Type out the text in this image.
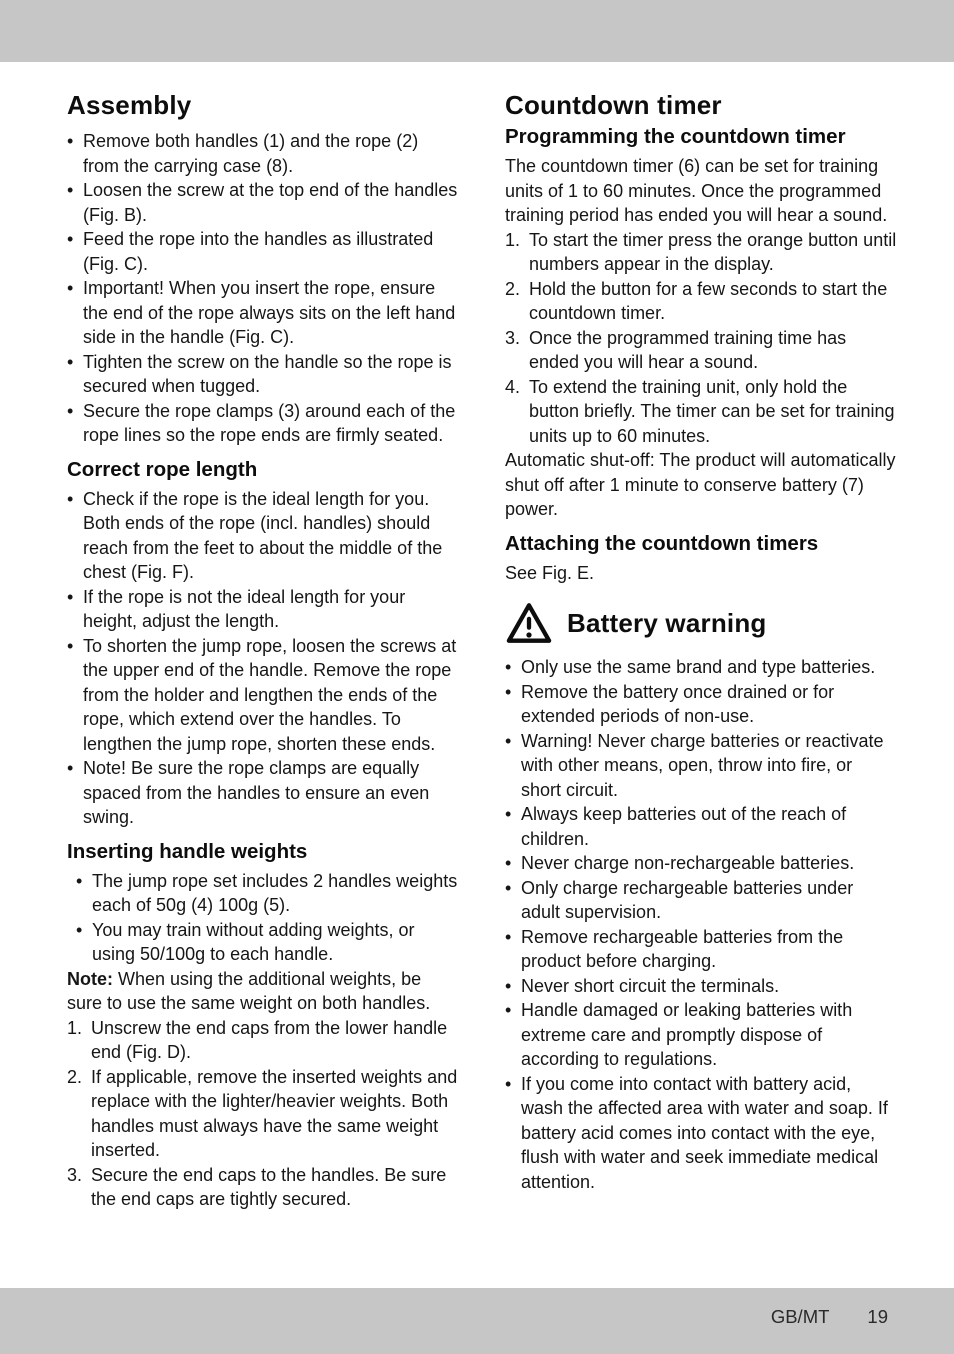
Assembly
• Remove both handles (1) and the rope (2) from the carrying case (8).
• Loosen the screw at the top end of the handles (Fig. B).
• Feed the rope into the handles as illustrated (Fig. C).
• Important! When you insert the rope, ensure the end of the rope always sits on the left hand side in the handle (Fig. C).
• Tighten the screw on the handle so the rope is secured when tugged.
• Secure the rope clamps (3) around each of the rope lines so the rope ends are firmly seated.
Correct rope length
• Check if the rope is the ideal length for you. Both ends of the rope (incl. handles) should reach from the feet to about the middle of the chest (Fig. F).
• If the rope is not the ideal length for your height, adjust the length.
• To shorten the jump rope, loosen the screws at the upper end of the handle. Remove the rope from the holder and lengthen the ends of the rope, which extend over the handles. To lengthen the jump rope, shorten these ends.
• Note! Be sure the rope clamps are equally spaced from the handles to ensure an even swing.
Inserting handle weights
• The jump rope set includes 2 handles weights each of 50g (4) 100g (5).
• You may train without adding weights, or using 50/100g to each handle.

Note: When using the additional weights, be sure to use the same weight on both handles.

1. Unscrew the end caps from the lower handle end (Fig. D).
2. If applicable, remove the inserted weights and replace with the lighter/heavier weights. Both handles must always have the same weight inserted.
3. Secure the end caps to the handles. Be sure the end caps are tightly secured.
Countdown timer
Programming the countdown timer

The countdown timer (6) can be set for training units of 1 to 60 minutes. Once the programmed training period has ended you will hear a sound.

1. To start the timer press the orange button until numbers appear in the display.
2. Hold the button for a few seconds to start the countdown timer.
3. Once the programmed training time has ended you will hear a sound.
4. To extend the training unit, only hold the button briefly. The timer can be set for training units up to 60 minutes.

Automatic shut-off: The product will automatically shut off after 1 minute to conserve battery (7) power.

Attaching the countdown timers

See Fig. E.

Battery warning
• Only use the same brand and type batteries.
• Remove the battery once drained or for extended periods of non-use.
• Warning! Never charge batteries or reactivate with other means, open, throw into fire, or short circuit.
• Always keep batteries out of the reach of children.
• Never charge non-rechargeable batteries.
• Only charge rechargeable batteries under adult supervision.
• Remove rechargeable batteries from the product before charging.
• Never short circuit the terminals.
• Handle damaged or leaking batteries with extreme care and promptly dispose of according to regulations.
• If you come into contact with battery acid, wash the affected area with water and soap. If battery acid comes into contact with the eye, flush with water and seek immediate medical attention.
GB/MT 19
